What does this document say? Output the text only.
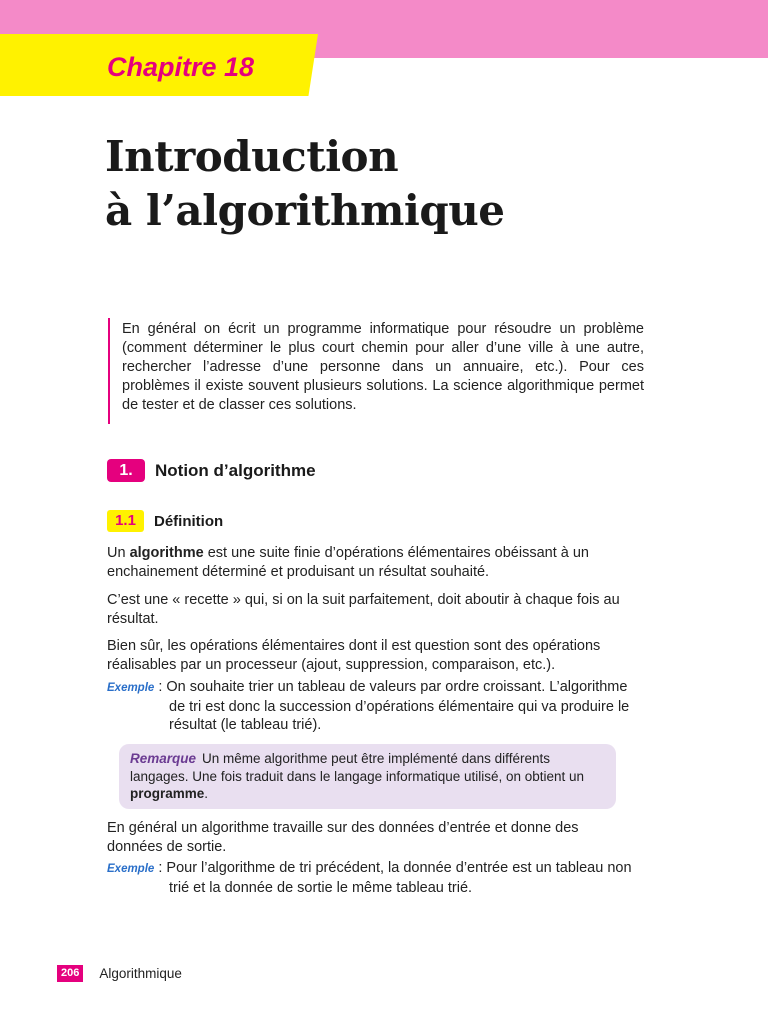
Chapitre 18
Introduction
à l’algorithmique

En général on écrit un programme informatique pour résoudre un problème (comment déterminer le plus court chemin pour aller d’une ville à une autre, rechercher l’adresse d’une personne dans un annuaire, etc.). Pour ces problèmes il existe souvent plusieurs solutions. La science algorithmique permet de tester et de classer ces solutions.

1.	Notion d’algorithme
1.1	Définition

Un algorithme est une suite finie d’opérations élémentaires obéissant à un enchainement déterminé et produisant un résultat souhaité.

C’est une « recette » qui, si on la suit parfaitement, doit aboutir à chaque fois au résultat.

Bien sûr, les opérations élémentaires dont il est question sont des opérations réalisables par un processeur (ajout, suppression, comparaison, etc.).

Exemple : On souhaite trier un tableau de valeurs par ordre croissant. L’algorithme de tri est donc la succession d’opérations élémentaire qui va produire le résultat (le tableau trié).
Remarque Un même algorithme peut être implémenté dans différents langages. Une fois traduit dans le langage informatique utilisé, on obtient un programme.

En général un algorithme travaille sur des données d’entrée et donne des données de sortie.

Exemple : Pour l’algorithme de tri précédent, la donnée d’entrée est un tableau non trié et la donnée de sortie le même tableau trié.
206 Algorithmique
